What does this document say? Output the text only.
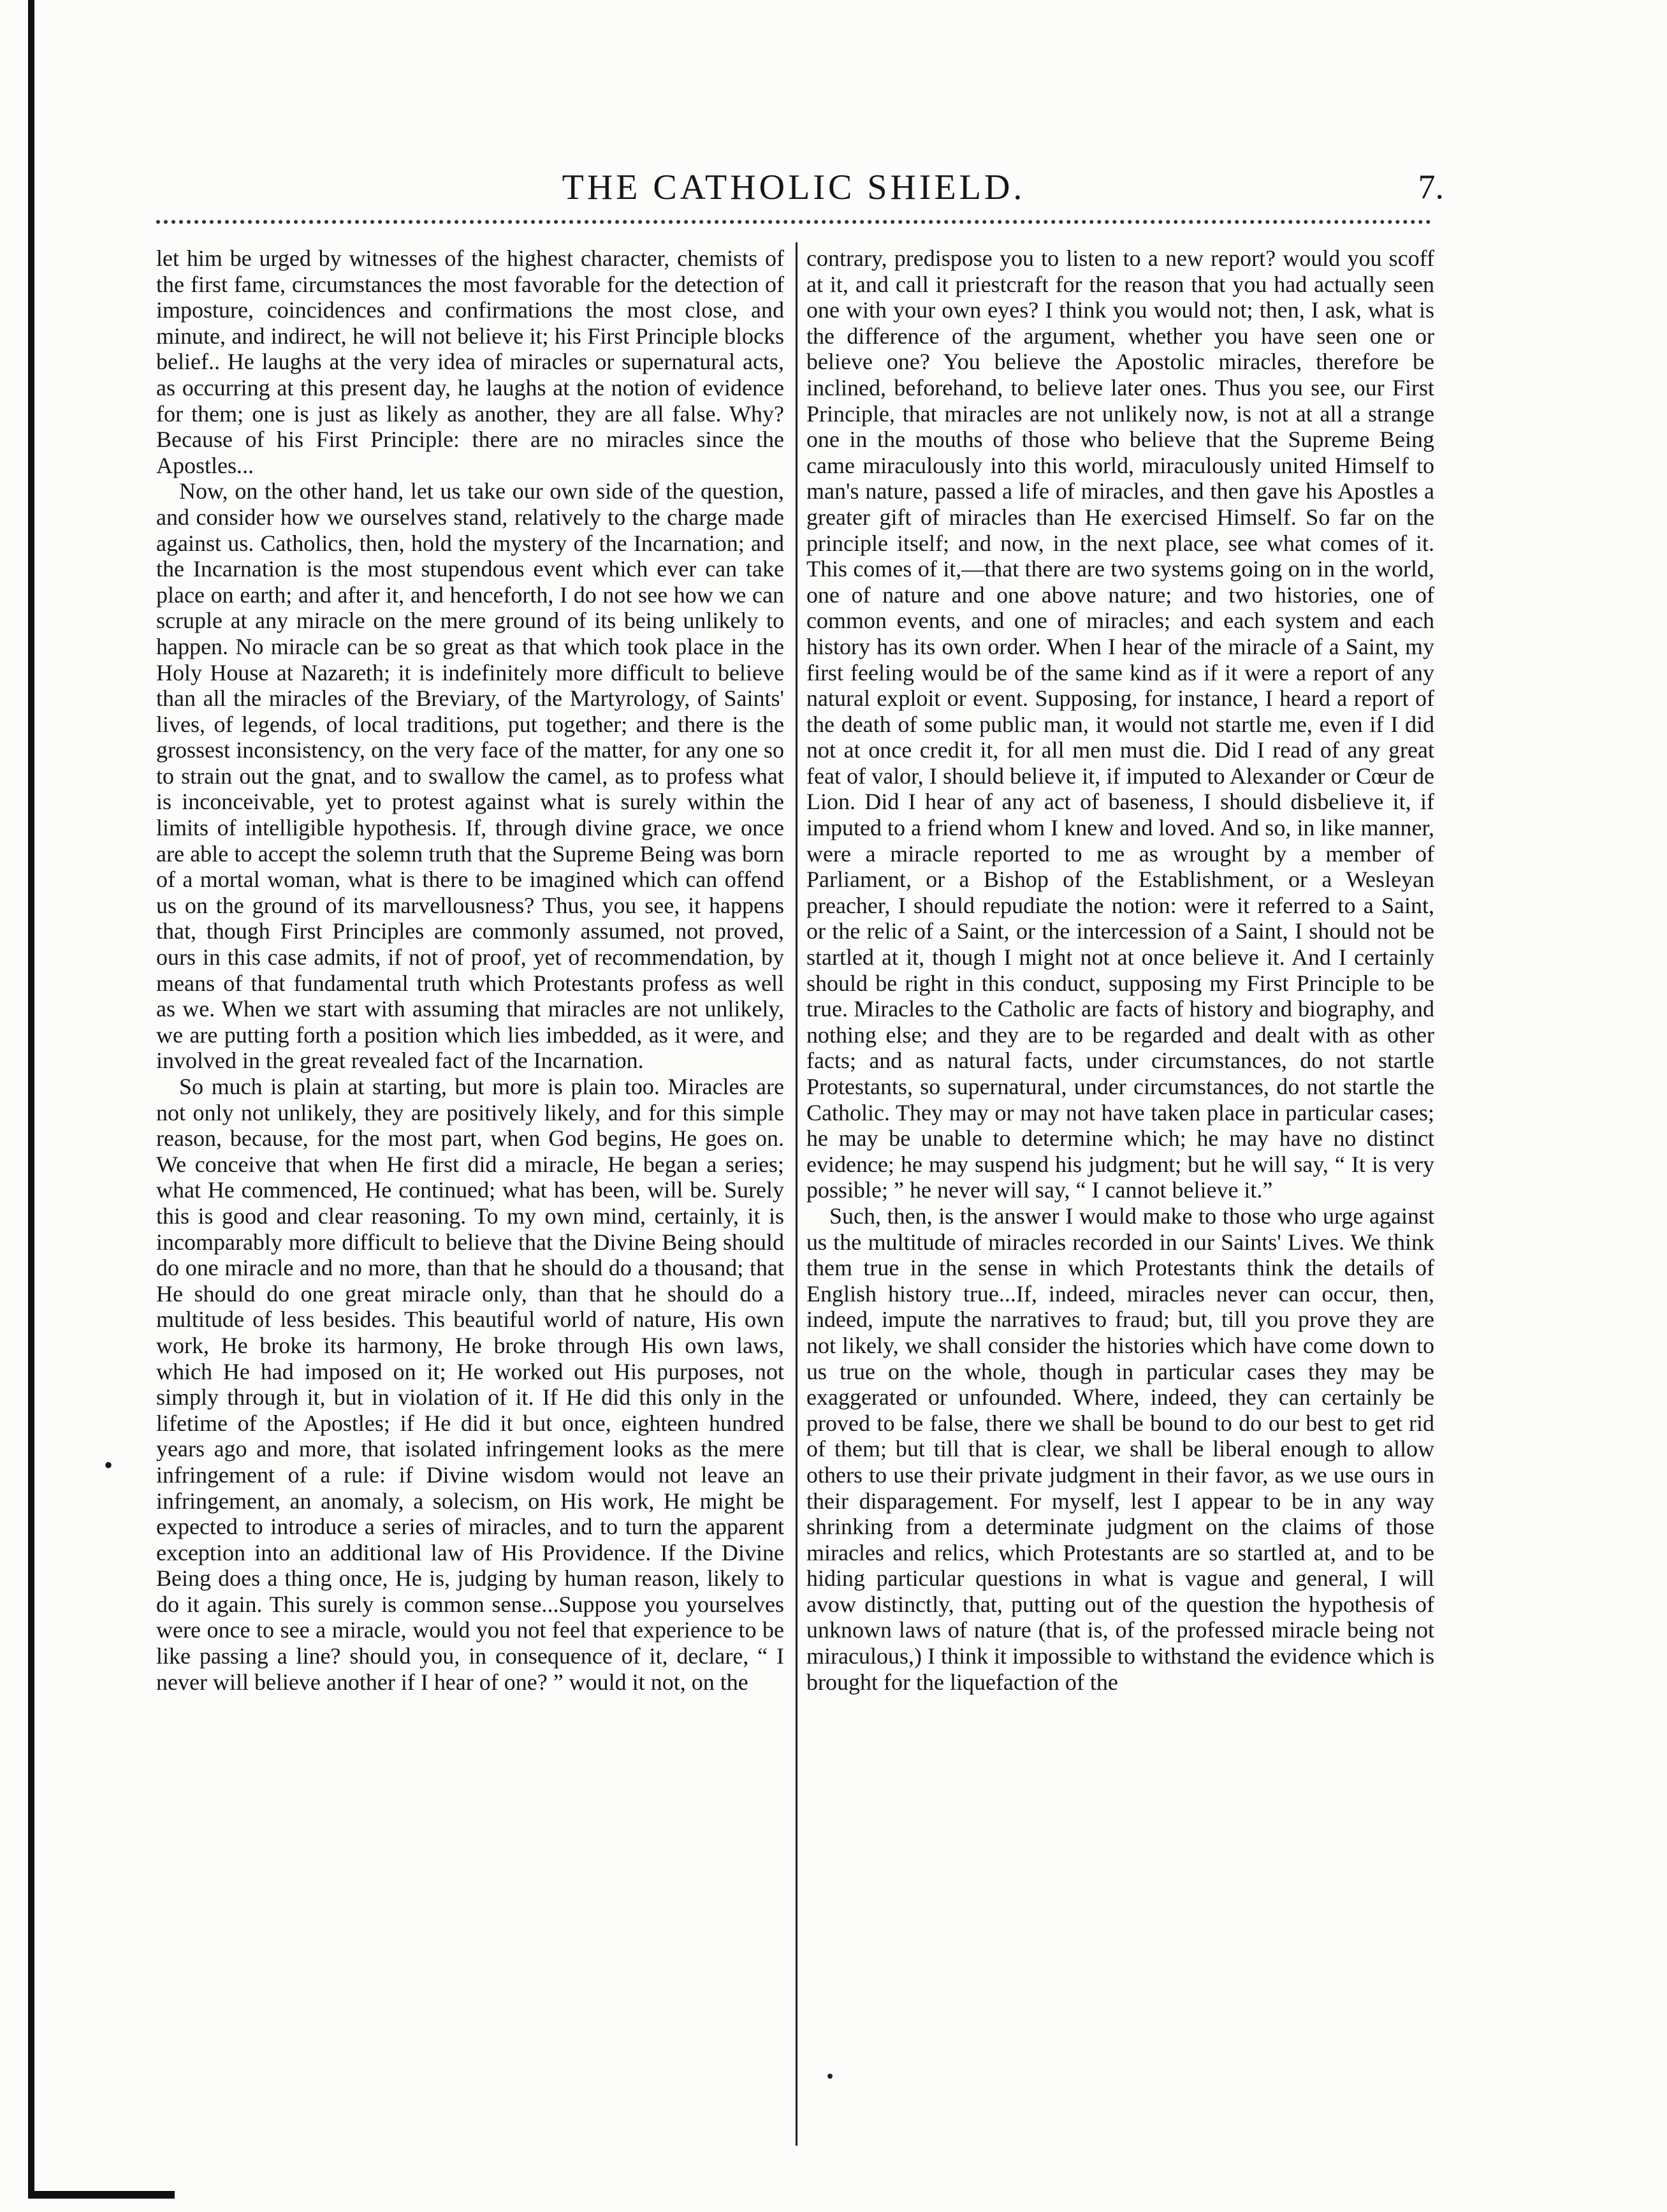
THE CATHOLIC SHIELD.	7.

let him be urged by witnesses of the highest character, chemists of the first fame, circumstances the most favorable for the detection of imposture, coincidences and confirmations the most close, and minute, and indirect, he will not believe it; his First Principle blocks belief.. He laughs at the very idea of miracles or supernatural acts, as occurring at this present day, he laughs at the notion of evidence for them; one is just as likely as another, they are all false. Why? Because of his First Principle: there are no miracles since the Apostles...

Now, on the other hand, let us take our own side of the question, and consider how we ourselves stand, relatively to the charge made against us. Catholics, then, hold the mystery of the Incarnation; and the Incarnation is the most stupendous event which ever can take place on earth; and after it, and henceforth, I do not see how we can scruple at any miracle on the mere ground of its being unlikely to happen. No miracle can be so great as that which took place in the Holy House at Nazareth; it is indefinitely more difficult to believe than all the miracles of the Breviary, of the Martyrology, of Saints' lives, of legends, of local traditions, put together; and there is the grossest inconsistency, on the very face of the matter, for any one so to strain out the gnat, and to swallow the camel, as to profess what is inconceivable, yet to protest against what is surely within the limits of intelligible hypothesis. If, through divine grace, we once are able to accept the solemn truth that the Supreme Being was born of a mortal woman, what is there to be imagined which can offend us on the ground of its marvellousness? Thus, you see, it happens that, though First Principles are commonly assumed, not proved, ours in this case admits, if not of proof, yet of recommendation, by means of that fundamental truth which Protestants profess as well as we. When we start with assuming that miracles are not unlikely, we are putting forth a position which lies imbedded, as it were, and involved in the great revealed fact of the Incarnation.

So much is plain at starting, but more is plain too. Miracles are not only not unlikely, they are positively likely, and for this simple reason, because, for the most part, when God begins, He goes on. We conceive that when He first did a miracle, He began a series; what He commenced, He continued; what has been, will be. Surely this is good and clear reasoning. To my own mind, certainly, it is incomparably more difficult to believe that the Divine Being should do one miracle and no more, than that he should do a thousand; that He should do one great miracle only, than that he should do a multitude of less besides. This beautiful world of nature, His own work, He broke its harmony, He broke through His own laws, which He had imposed on it; He worked out His purposes, not simply through it, but in violation of it. If He did this only in the lifetime of the Apostles; if He did it but once, eighteen hundred years ago and more, that isolated infringement looks as the mere infringement of a rule: if Divine wisdom would not leave an infringement, an anomaly, a solecism, on His work, He might be expected to introduce a series of miracles, and to turn the apparent exception into an additional law of His Providence. If the Divine Being does a thing once, He is, judging by human reason, likely to do it again. This surely is common sense...Suppose you yourselves were once to see a miracle, would you not feel that experience to be like passing a line? should you, in consequence of it, declare, “ I never will believe another if I hear of one? ” would it not, on the

contrary, predispose you to listen to a new report? would you scoff at it, and call it priestcraft for the reason that you had actually seen one with your own eyes? I think you would not; then, I ask, what is the difference of the argument, whether you have seen one or believe one? You believe the Apostolic miracles, therefore be inclined, beforehand, to believe later ones. Thus you see, our First Principle, that miracles are not unlikely now, is not at all a strange one in the mouths of those who believe that the Supreme Being came miraculously into this world, miraculously united Himself to man's nature, passed a life of miracles, and then gave his Apostles a greater gift of miracles than He exercised Himself. So far on the principle itself; and now, in the next place, see what comes of it. This comes of it,—that there are two systems going on in the world, one of nature and one above nature; and two histories, one of common events, and one of miracles; and each system and each history has its own order. When I hear of the miracle of a Saint, my first feeling would be of the same kind as if it were a report of any natural exploit or event. Supposing, for instance, I heard a report of the death of some public man, it would not startle me, even if I did not at once credit it, for all men must die. Did I read of any great feat of valor, I should believe it, if imputed to Alexander or Cœur de Lion. Did I hear of any act of baseness, I should disbelieve it, if imputed to a friend whom I knew and loved. And so, in like manner, were a miracle reported to me as wrought by a member of Parliament, or a Bishop of the Establishment, or a Wesleyan preacher, I should repudiate the notion: were it referred to a Saint, or the relic of a Saint, or the intercession of a Saint, I should not be startled at it, though I might not at once believe it. And I certainly should be right in this conduct, supposing my First Principle to be true. Miracles to the Catholic are facts of history and biography, and nothing else; and they are to be regarded and dealt with as other facts; and as natural facts, under circumstances, do not startle Protestants, so supernatural, under circumstances, do not startle the Catholic. They may or may not have taken place in particular cases; he may be unable to determine which; he may have no distinct evidence; he may suspend his judgment; but he will say, “ It is very possible; ” he never will say, “ I cannot believe it.”

Such, then, is the answer I would make to those who urge against us the multitude of miracles recorded in our Saints' Lives. We think them true in the sense in which Protestants think the details of English history true...If, indeed, miracles never can occur, then, indeed, impute the narratives to fraud; but, till you prove they are not likely, we shall consider the histories which have come down to us true on the whole, though in particular cases they may be exaggerated or unfounded. Where, indeed, they can certainly be proved to be false, there we shall be bound to do our best to get rid of them; but till that is clear, we shall be liberal enough to allow others to use their private judgment in their favor, as we use ours in their disparagement. For myself, lest I appear to be in any way shrinking from a determinate judgment on the claims of those miracles and relics, which Protestants are so startled at, and to be hiding particular questions in what is vague and general, I will avow distinctly, that, putting out of the question the hypothesis of unknown laws of nature (that is, of the professed miracle being not miraculous,) I think it impossible to withstand the evidence which is brought for the liquefaction of the

•
